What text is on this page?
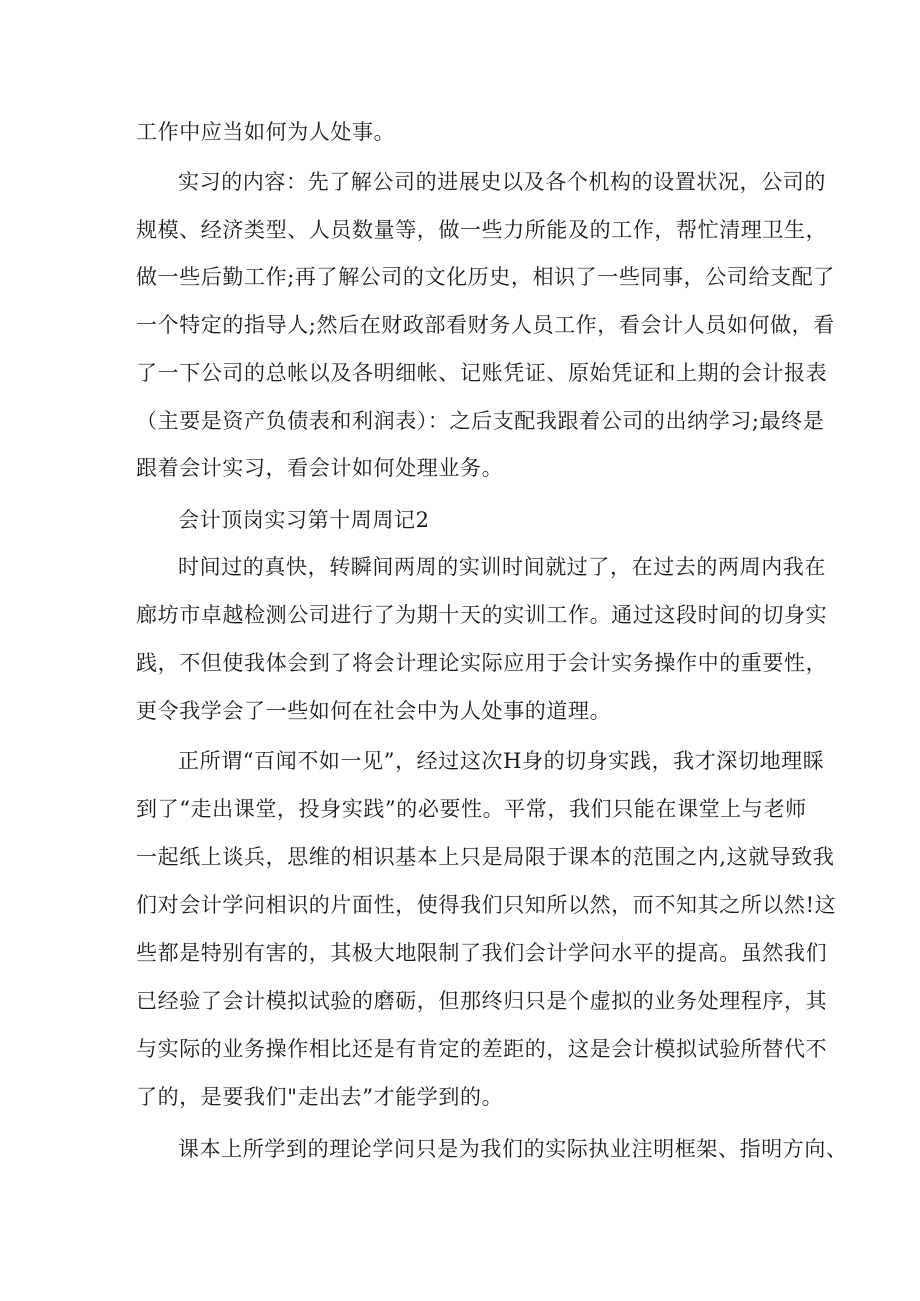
工作中应当如何为人处事。
实习的内容：先了解公司的进展史以及各个机构的设置状况，公司的
规模、经济类型、人员数量等，做一些力所能及的工作，帮忙清理卫生，
做一些后勤工作;再了解公司的文化历史，相识了一些同事，公司给支配了
一个特定的指导人;然后在财政部看财务人员工作，看会计人员如何做，看
了一下公司的总帐以及各明细帐、记账凭证、原始凭证和上期的会计报表
（主要是资产负债表和利润表）：之后支配我跟着公司的出纳学习;最终是
跟着会计实习，看会计如何处理业务。
会计顶岗实习第十周周记2
时间过的真快，转瞬间两周的实训时间就过了，在过去的两周内我在
廊坊市卓越检测公司进行了为期十天的实训工作。通过这段时间的切身实
践，不但使我体会到了将会计理论实际应用于会计实务操作中的重要性，
更令我学会了一些如何在社会中为人处事的道理。
正所谓“百闻不如一见”，经过这次H身的切身实践，我才深切地理睬
到了“走出课堂，投身实践”的必要性。平常，我们只能在课堂上与老师
一起纸上谈兵，思维的相识基本上只是局限于课本的范围之内,这就导致我
们对会计学问相识的片面性，使得我们只知所以然，而不知其之所以然!这
些都是特别有害的，其极大地限制了我们会计学问水平的提高。虽然我们
已经验了会计模拟试验的磨砺，但那终归只是个虚拟的业务处理程序，其
与实际的业务操作相比还是有肯定的差距的，这是会计模拟试验所替代不
了的，是要我们"走出去”才能学到的。
课本上所学到的理论学问只是为我们的实际执业注明框架、指明方向、
